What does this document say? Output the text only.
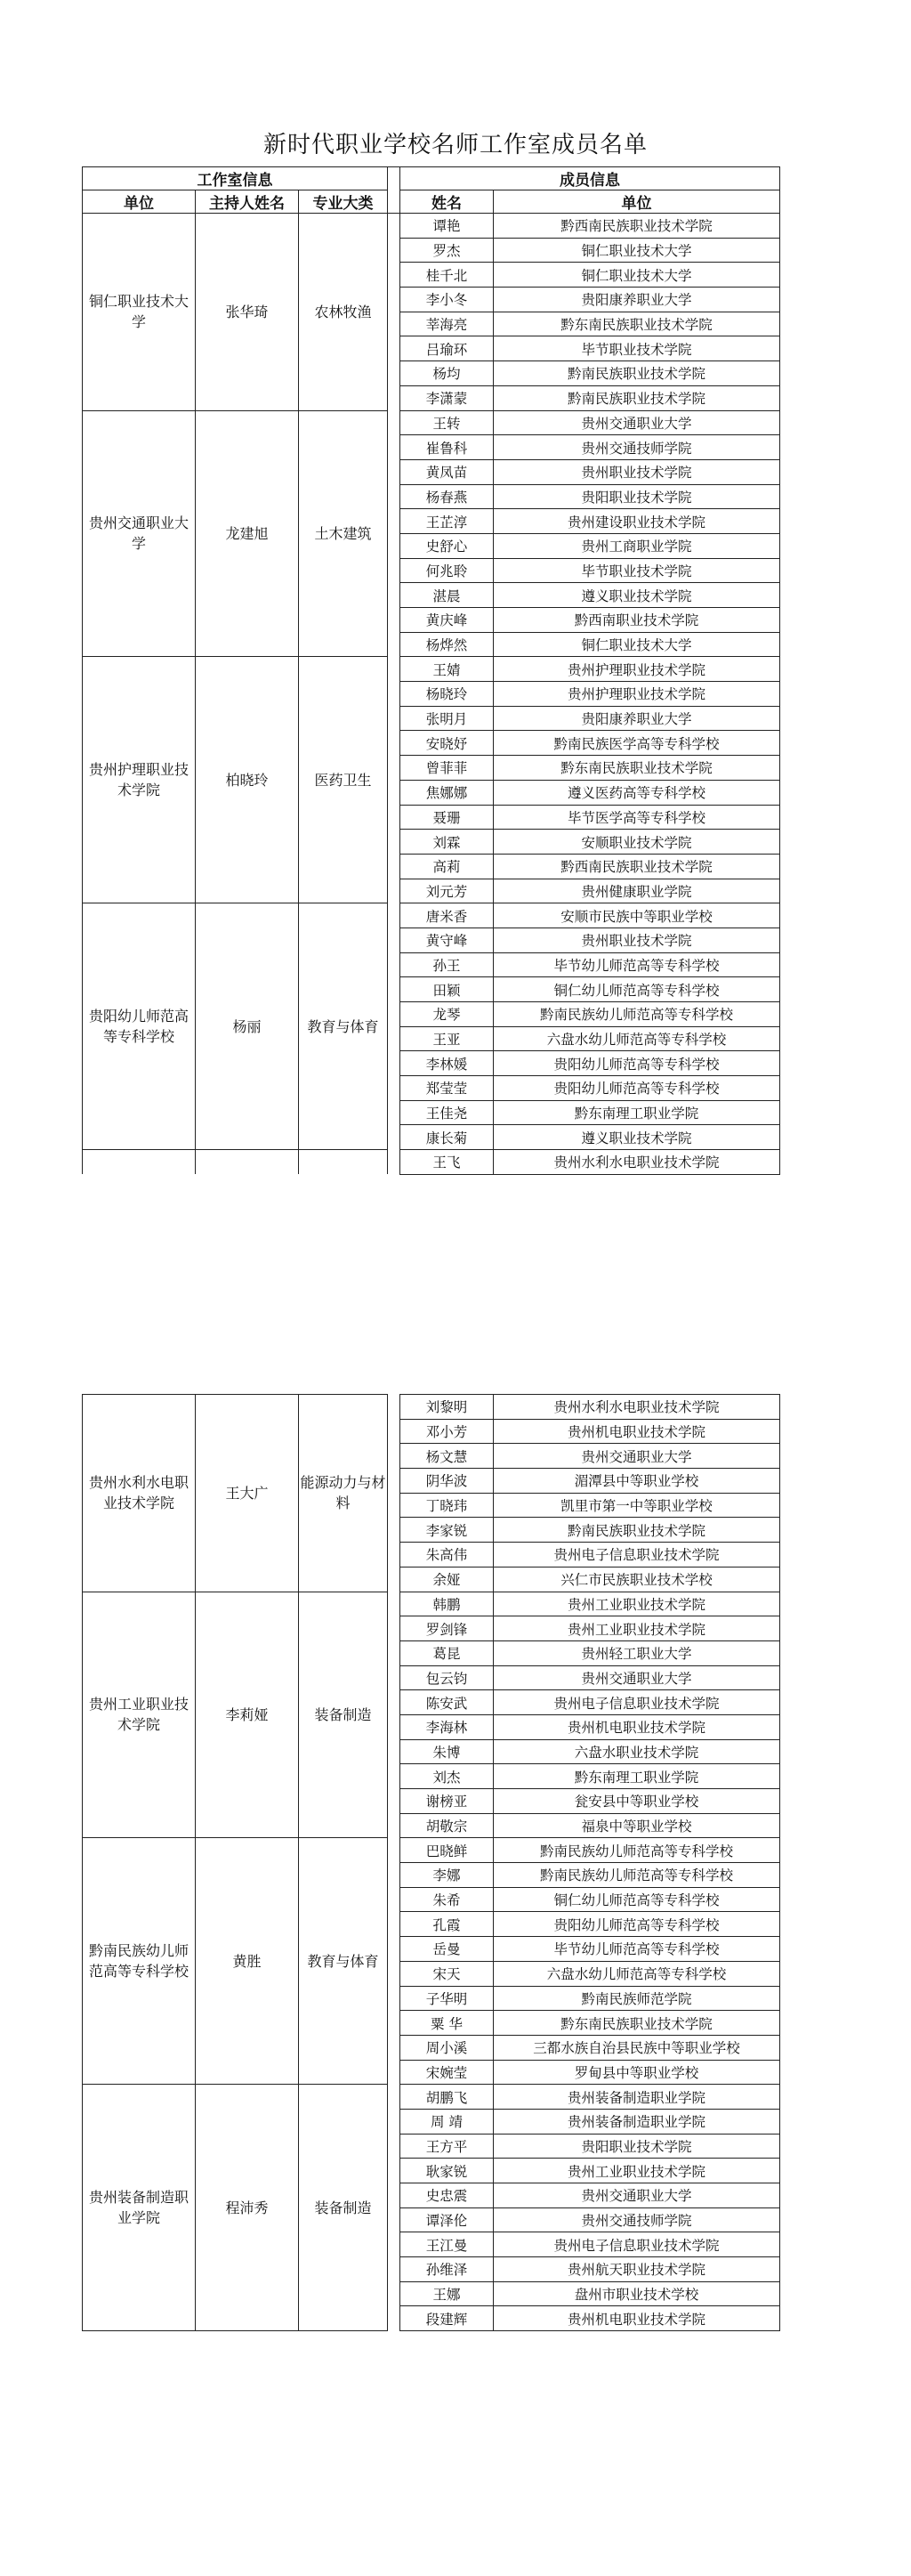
新时代职业学校名师工作室成员名单
工作室信息				成员信息	
单位	主持人姓名	专业大类		姓名	单位
铜仁职业技术大学	张华琦	农林牧渔		谭艳	黔西南民族职业技术学院
				罗杰	铜仁职业技术大学
				桂千北	铜仁职业技术大学
				李小冬	贵阳康养职业大学
				莘海亮	黔东南民族职业技术学院
				吕瑜环	毕节职业技术学院
				杨均	黔南民族职业技术学院
				李潇蒙	黔南民族职业技术学院
贵州交通职业大学	龙建旭	土木建筑		王转	贵州交通职业大学
				崔鲁科	贵州交通技师学院
				黄凤苗	贵州职业技术学院
				杨春燕	贵阳职业技术学院
				王芷淳	贵州建设职业技术学院
				史舒心	贵州工商职业学院
				何兆聆	毕节职业技术学院
				湛晨	遵义职业技术学院
				黄庆峰	黔西南职业技术学院
				杨烨然	铜仁职业技术大学
贵州护理职业技术学院	柏晓玲	医药卫生		王婧	贵州护理职业技术学院
				杨晓玲	贵州护理职业技术学院
				张明月	贵阳康养职业大学
				安晓妤	黔南民族医学高等专科学校
				曾菲菲	黔东南民族职业技术学院
				焦娜娜	遵义医药高等专科学校
				聂珊	毕节医学高等专科学校
				刘霖	安顺职业技术学院
				高莉	黔西南民族职业技术学院
				刘元芳	贵州健康职业学院
贵阳幼儿师范高等专科学校	杨丽	教育与体育		唐米香	安顺市民族中等职业学校
				黄守峰	贵州职业技术学院
				孙王	毕节幼儿师范高等专科学校
				田颖	铜仁幼儿师范高等专科学校
				龙琴	黔南民族幼儿师范高等专科学校
				王亚	六盘水幼儿师范高等专科学校
				李林媛	贵阳幼儿师范高等专科学校
				郑莹莹	贵阳幼儿师范高等专科学校
				王佳尧	黔东南理工职业学院
				康长菊	遵义职业技术学院
				王飞	贵州水利水电职业技术学院
贵州水利水电职业技术学院	王大广	能源动力与材料		刘黎明	贵州水利水电职业技术学院
				邓小芳	贵州机电职业技术学院
				杨文慧	贵州交通职业大学
				阴华波	湄潭县中等职业学校
				丁晓玮	凯里市第一中等职业学校
				李家锐	黔南民族职业技术学院
				朱高伟	贵州电子信息职业技术学院
				余娅	兴仁市民族职业技术学校
贵州工业职业技术学院	李莉娅	装备制造		韩鹏	贵州工业职业技术学院
				罗剑锋	贵州工业职业技术学院
				葛昆	贵州轻工职业大学
				包云钧	贵州交通职业大学
				陈安武	贵州电子信息职业技术学院
				李海林	贵州机电职业技术学院
				朱博	六盘水职业技术学院
				刘杰	黔东南理工职业学院
				谢榜亚	瓮安县中等职业学校
				胡敬宗	福泉中等职业学校
黔南民族幼儿师范高等专科学校	黄胜	教育与体育		巴晓鲜	黔南民族幼儿师范高等专科学校
				李娜	黔南民族幼儿师范高等专科学校
				朱希	铜仁幼儿师范高等专科学校
				孔霞	贵阳幼儿师范高等专科学校
				岳曼	毕节幼儿师范高等专科学校
				宋天	六盘水幼儿师范高等专科学校
				子华明	黔南民族师范学院
				粟 华	黔东南民族职业技术学院
				周小溪	三都水族自治县民族中等职业学校
				宋婉莹	罗甸县中等职业学校
贵州装备制造职业学院	程沛秀	装备制造		胡鹏飞	贵州装备制造职业学院
				周 靖	贵州装备制造职业学院
				王方平	贵阳职业技术学院
				耿家锐	贵州工业职业技术学院
				史忠震	贵州交通职业大学
				谭泽伦	贵州交通技师学院
				王江曼	贵州电子信息职业技术学院
				孙维泽	贵州航天职业技术学院
				王娜	盘州市职业技术学校
				段建辉	贵州机电职业技术学院
